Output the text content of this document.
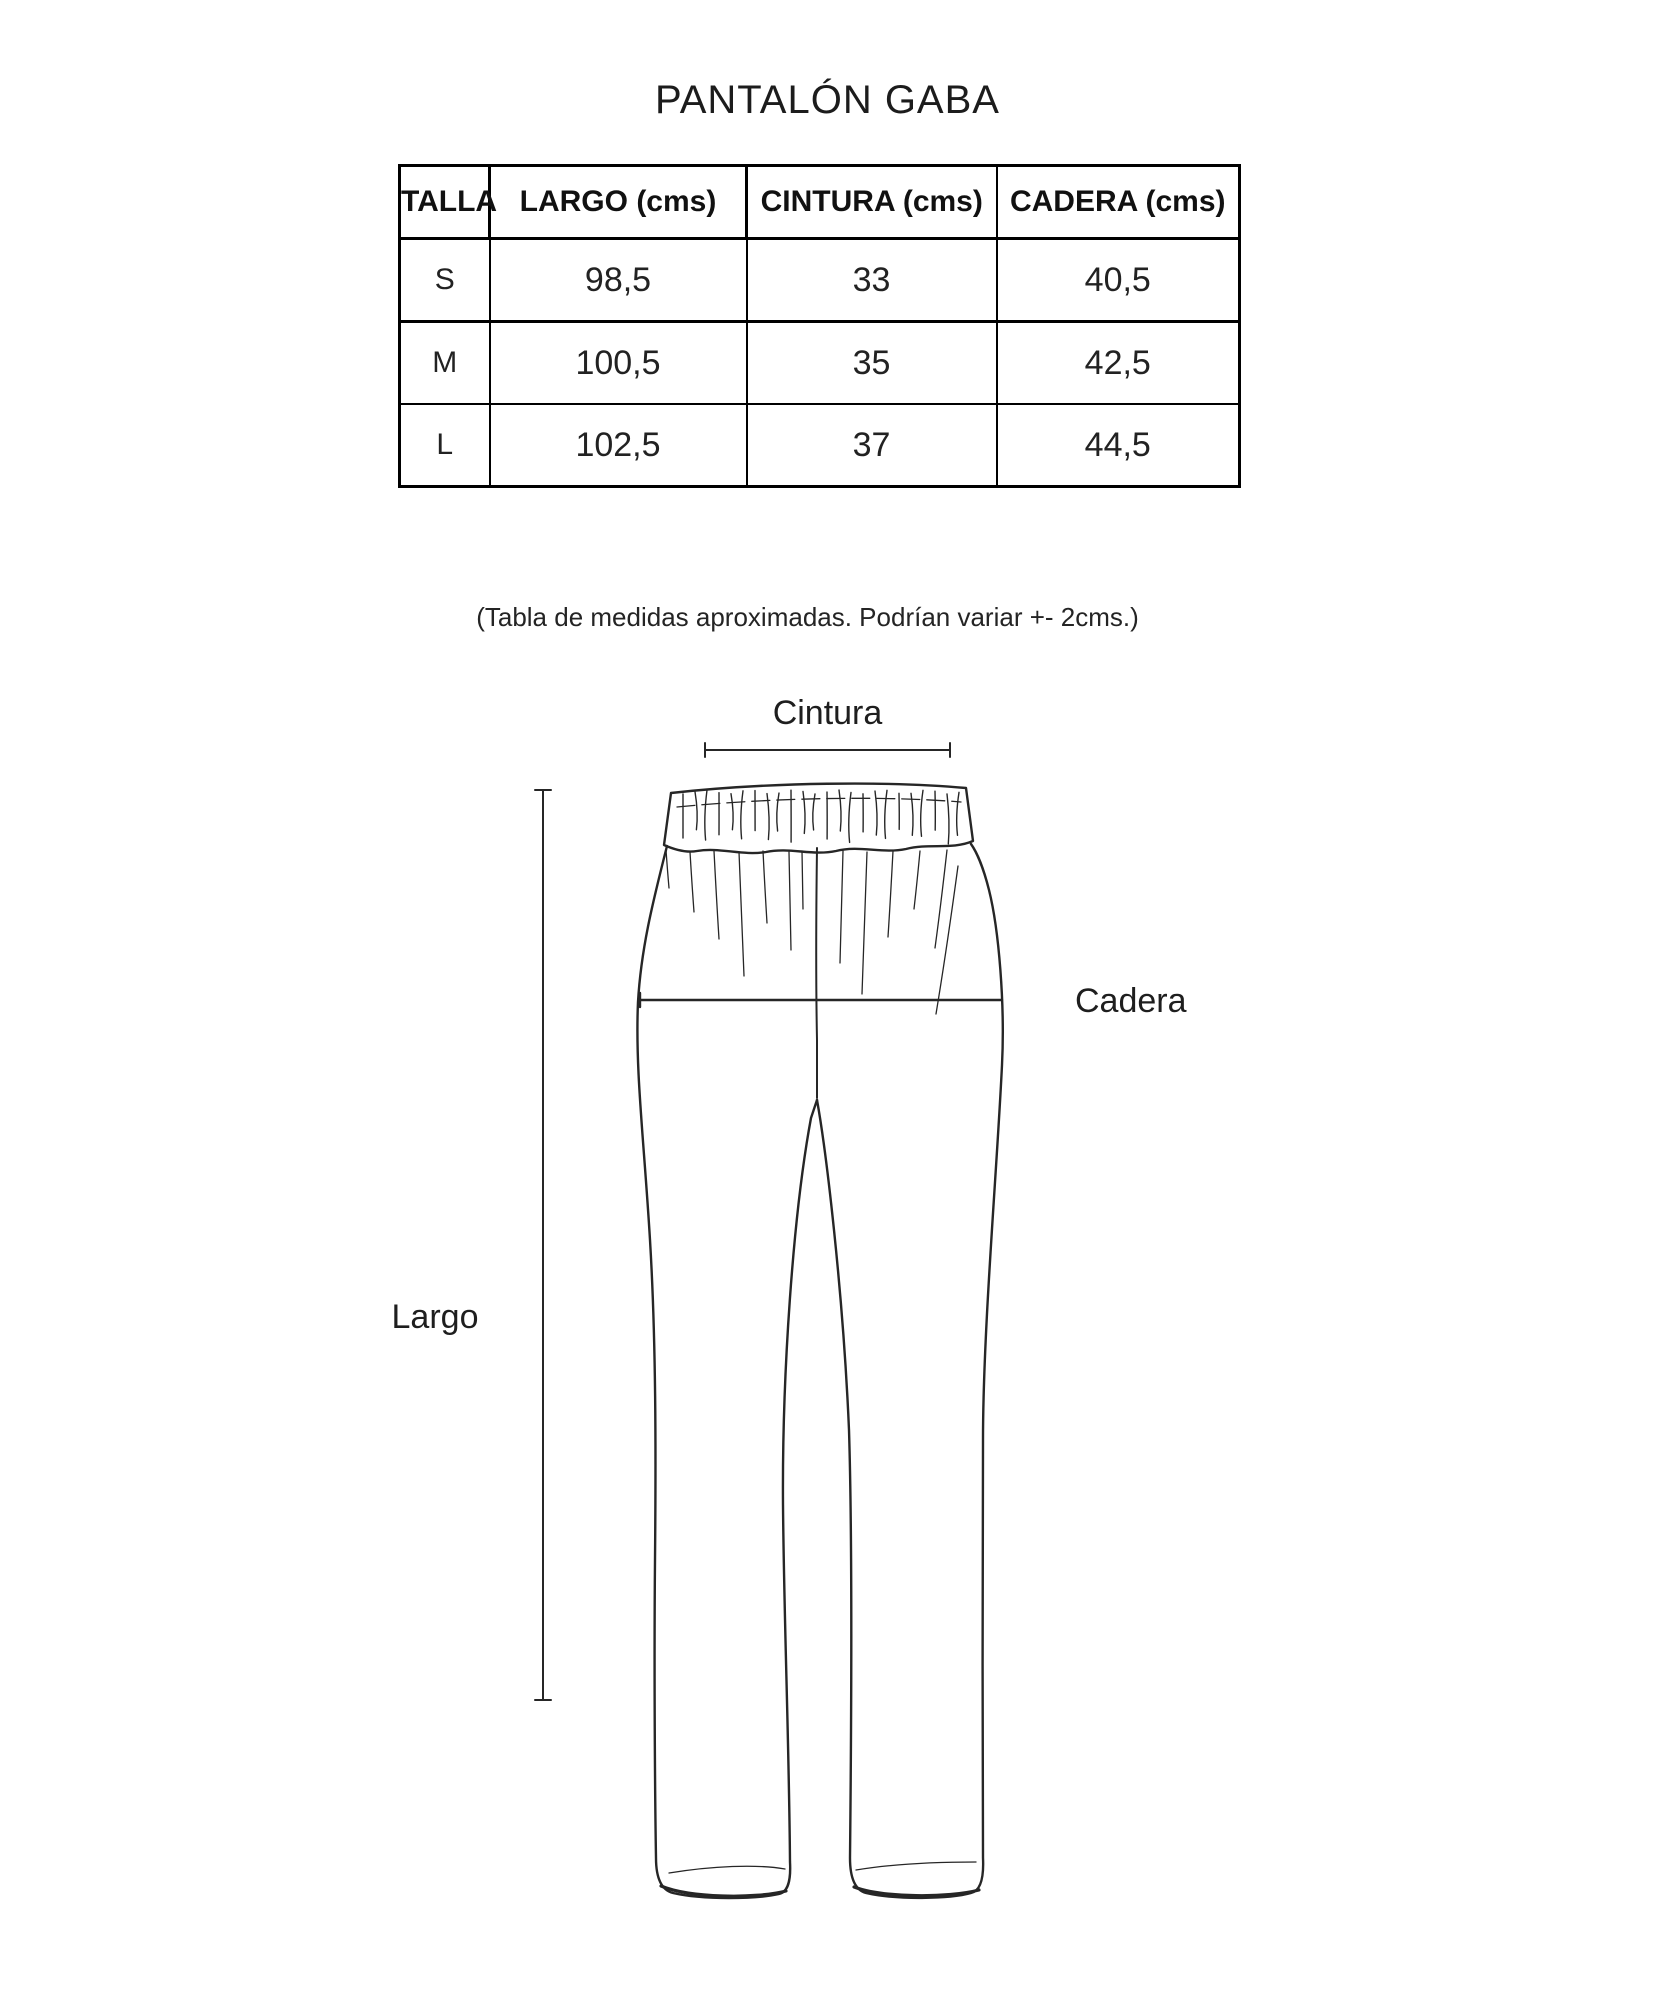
PANTALÓN GABA
TALLA	LARGO (cms)	CINTURA (cms)	CADERA (cms)
S	98,5	33	40,5
M	100,5	35	42,5
L	102,5	37	44,5
(Tabla de medidas aproximadas. Podrían variar +- 2cms.)
Cintura
Cadera
Largo
